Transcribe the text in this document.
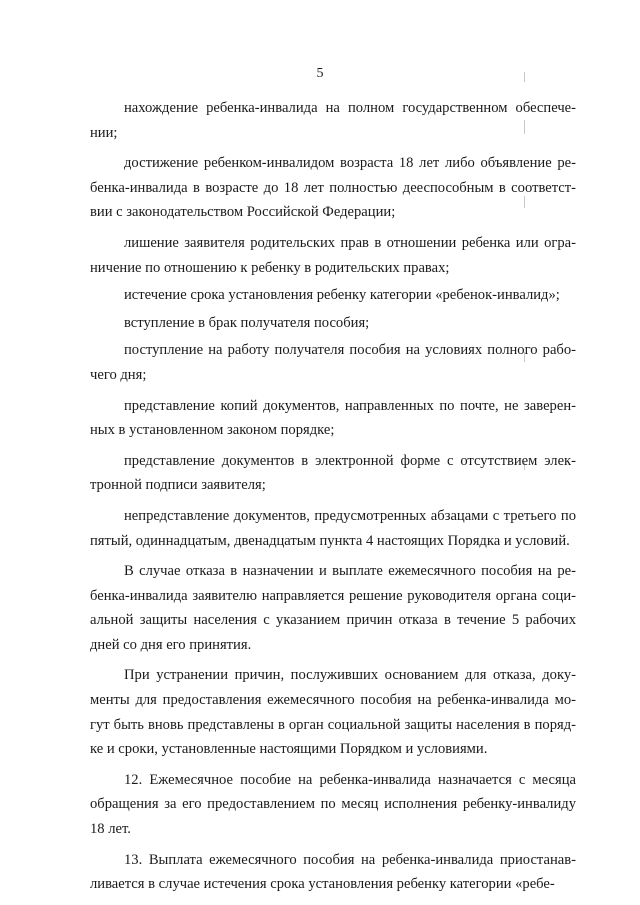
5

нахождение ребенка-инвалида на полном государственном обеспече- нии;

достижение ребенком-инвалидом возраста 18 лет либо объявление ре- бенка-инвалида в возрасте до 18 лет полностью дееспособным в соответст- вии с законодательством Российской Федерации;

лишение заявителя родительских прав в отношении ребенка или огра- ничение по отношению к ребенку в родительских правах;

истечение срока установления ребенку категории «ребенок-инвалид»;

вступление в брак получателя пособия;

поступление на работу получателя пособия на условиях полного рабо- чего дня;

представление копий документов, направленных по почте, не заверен- ных в установленном законом порядке;

представление документов в электронной форме с отсутствием элек- тронной подписи заявителя;

непредставление документов, предусмотренных абзацами с третьего по пятый, одиннадцатым, двенадцатым пункта 4 настоящих Порядка и условий.

В случае отказа в назначении и выплате ежемесячного пособия на ре- бенка-инвалида заявителю направляется решение руководителя органа соци- альной защиты населения с указанием причин отказа в течение 5 рабочих дней со дня его принятия.

При устранении причин, послуживших основанием для отказа, доку- менты для предоставления ежемесячного пособия на ребенка-инвалида мо- гут быть вновь представлены в орган социальной защиты населения в поряд- ке и сроки, установленные настоящими Порядком и условиями.

12. Ежемесячное пособие на ребенка-инвалида назначается с месяца обращения за его предоставлением по месяц исполнения ребенку-инвалиду 18 лет.

13. Выплата ежемесячного пособия на ребенка-инвалида приостанав- ливается в случае истечения срока установления ребенку категории «ребе-
